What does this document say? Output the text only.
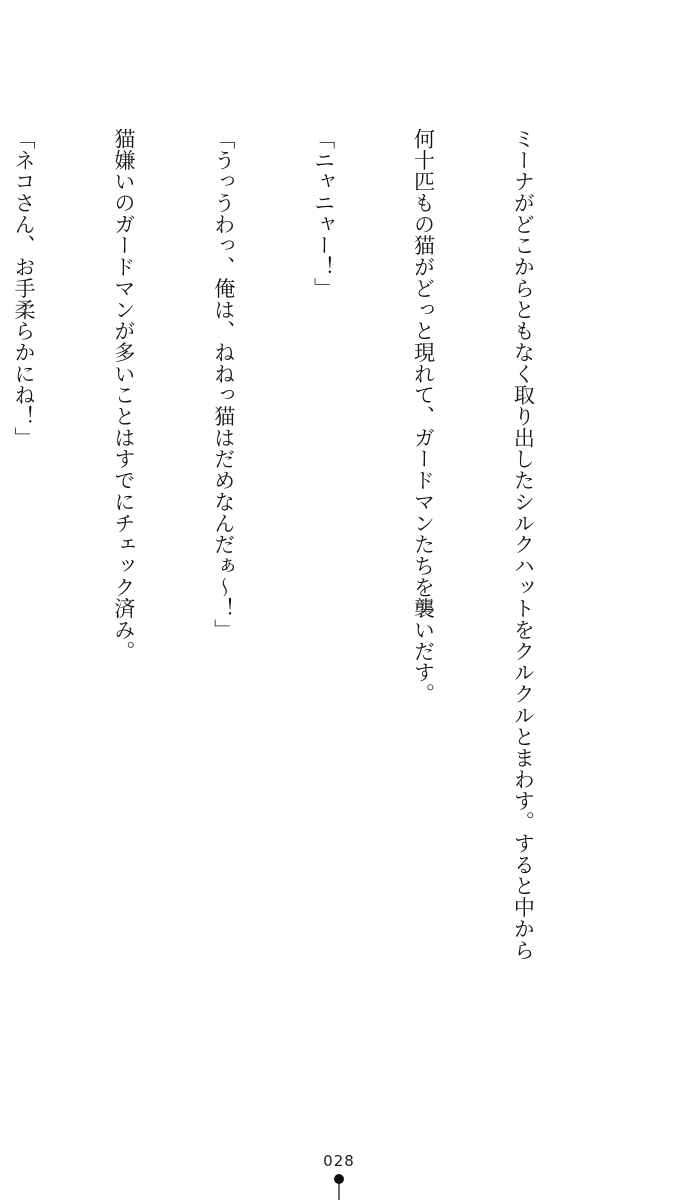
ミーナがどこからともなく取り出したシルクハットをクルクルとまわす。すると中から

何十匹もの猫がどっと現れて、ガードマンたちを襲いだす。

「ニャニャー！」

「うっうわっ、俺は、ねねっ猫はだめなんだぁ～！」

猫嫌いのガードマンが多いことはすでにチェック済み。

「ネコさん、お手柔らかにね！」

028
